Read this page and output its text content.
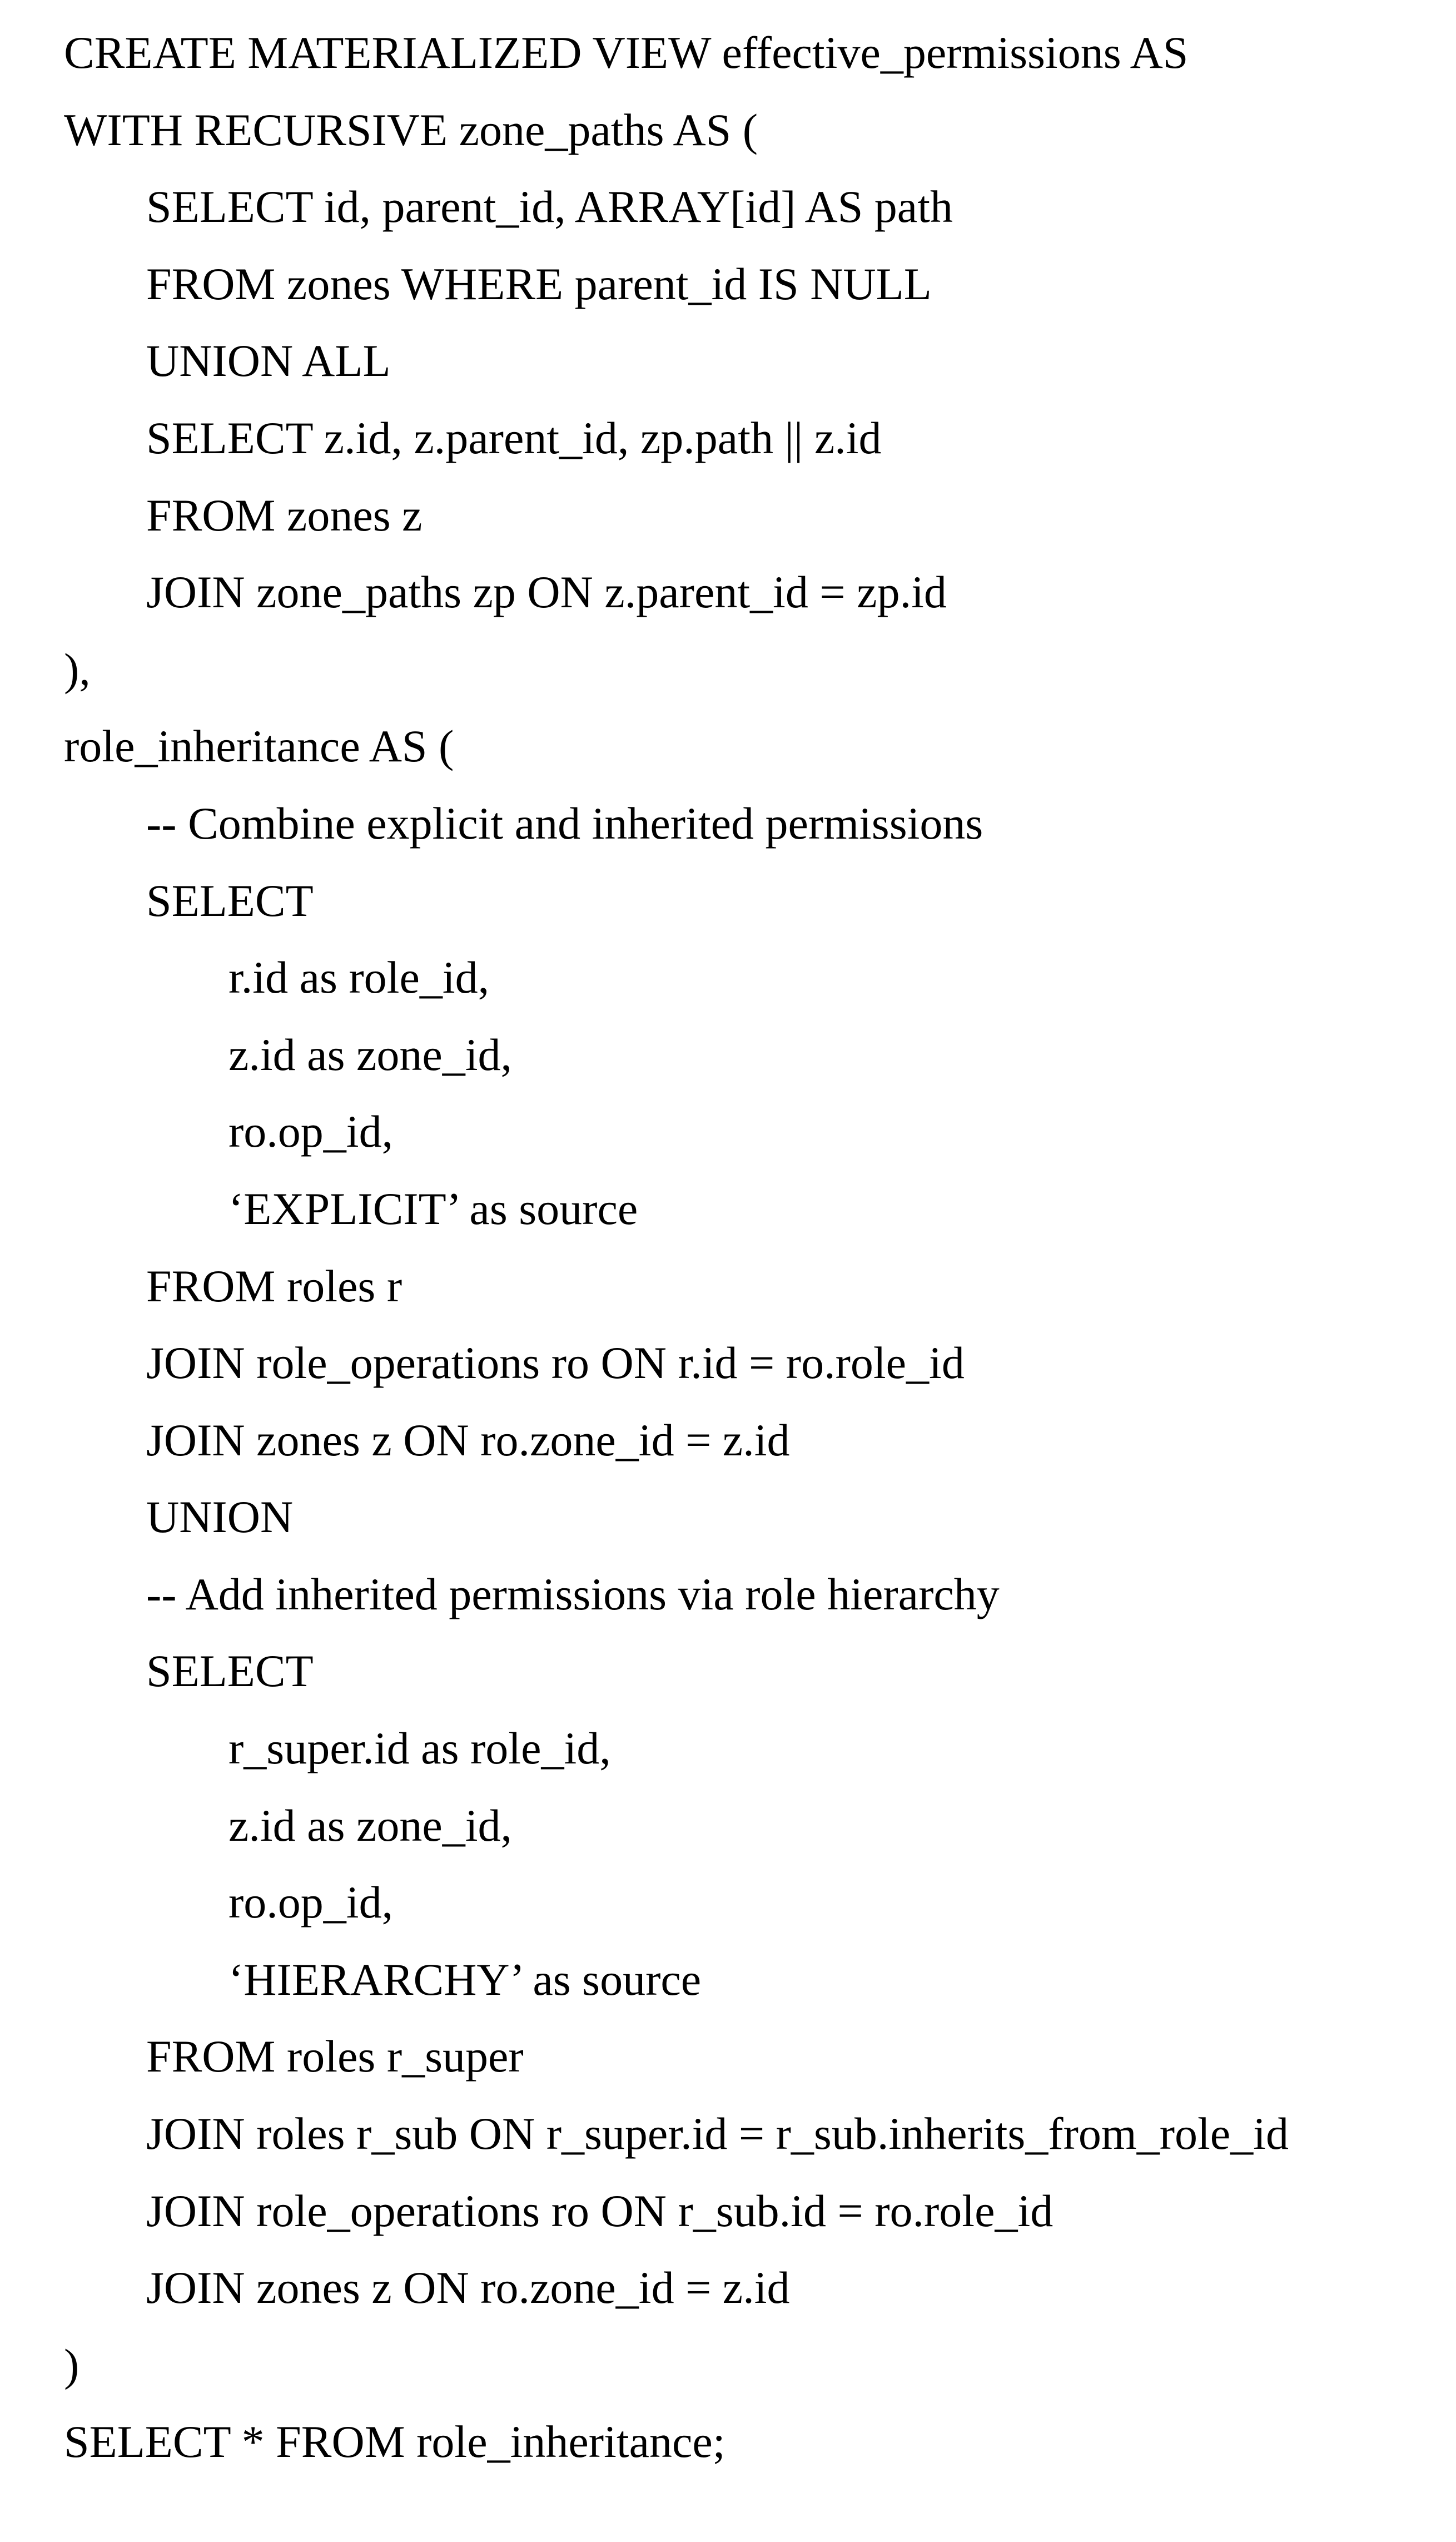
CREATE MATERIALIZED VIEW effective_permissions AS
WITH RECURSIVE zone_paths AS (
SELECT id, parent_id, ARRAY[id] AS path
FROM zones WHERE parent_id IS NULL
UNION ALL
SELECT z.id, z.parent_id, zp.path || z.id
FROM zones z
JOIN zone_paths zp ON z.parent_id = zp.id
),
role_inheritance AS (
-- Combine explicit and inherited permissions
SELECT
r.id as role_id,
z.id as zone_id,
ro.op_id,
‘EXPLICIT’ as source
FROM roles r
JOIN role_operations ro ON r.id = ro.role_id
JOIN zones z ON ro.zone_id = z.id
UNION
-- Add inherited permissions via role hierarchy
SELECT
r_super.id as role_id,
z.id as zone_id,
ro.op_id,
‘HIERARCHY’ as source
FROM roles r_super
JOIN roles r_sub ON r_super.id = r_sub.inherits_from_role_id
JOIN role_operations ro ON r_sub.id = ro.role_id
JOIN zones z ON ro.zone_id = z.id
)
SELECT * FROM role_inheritance;
